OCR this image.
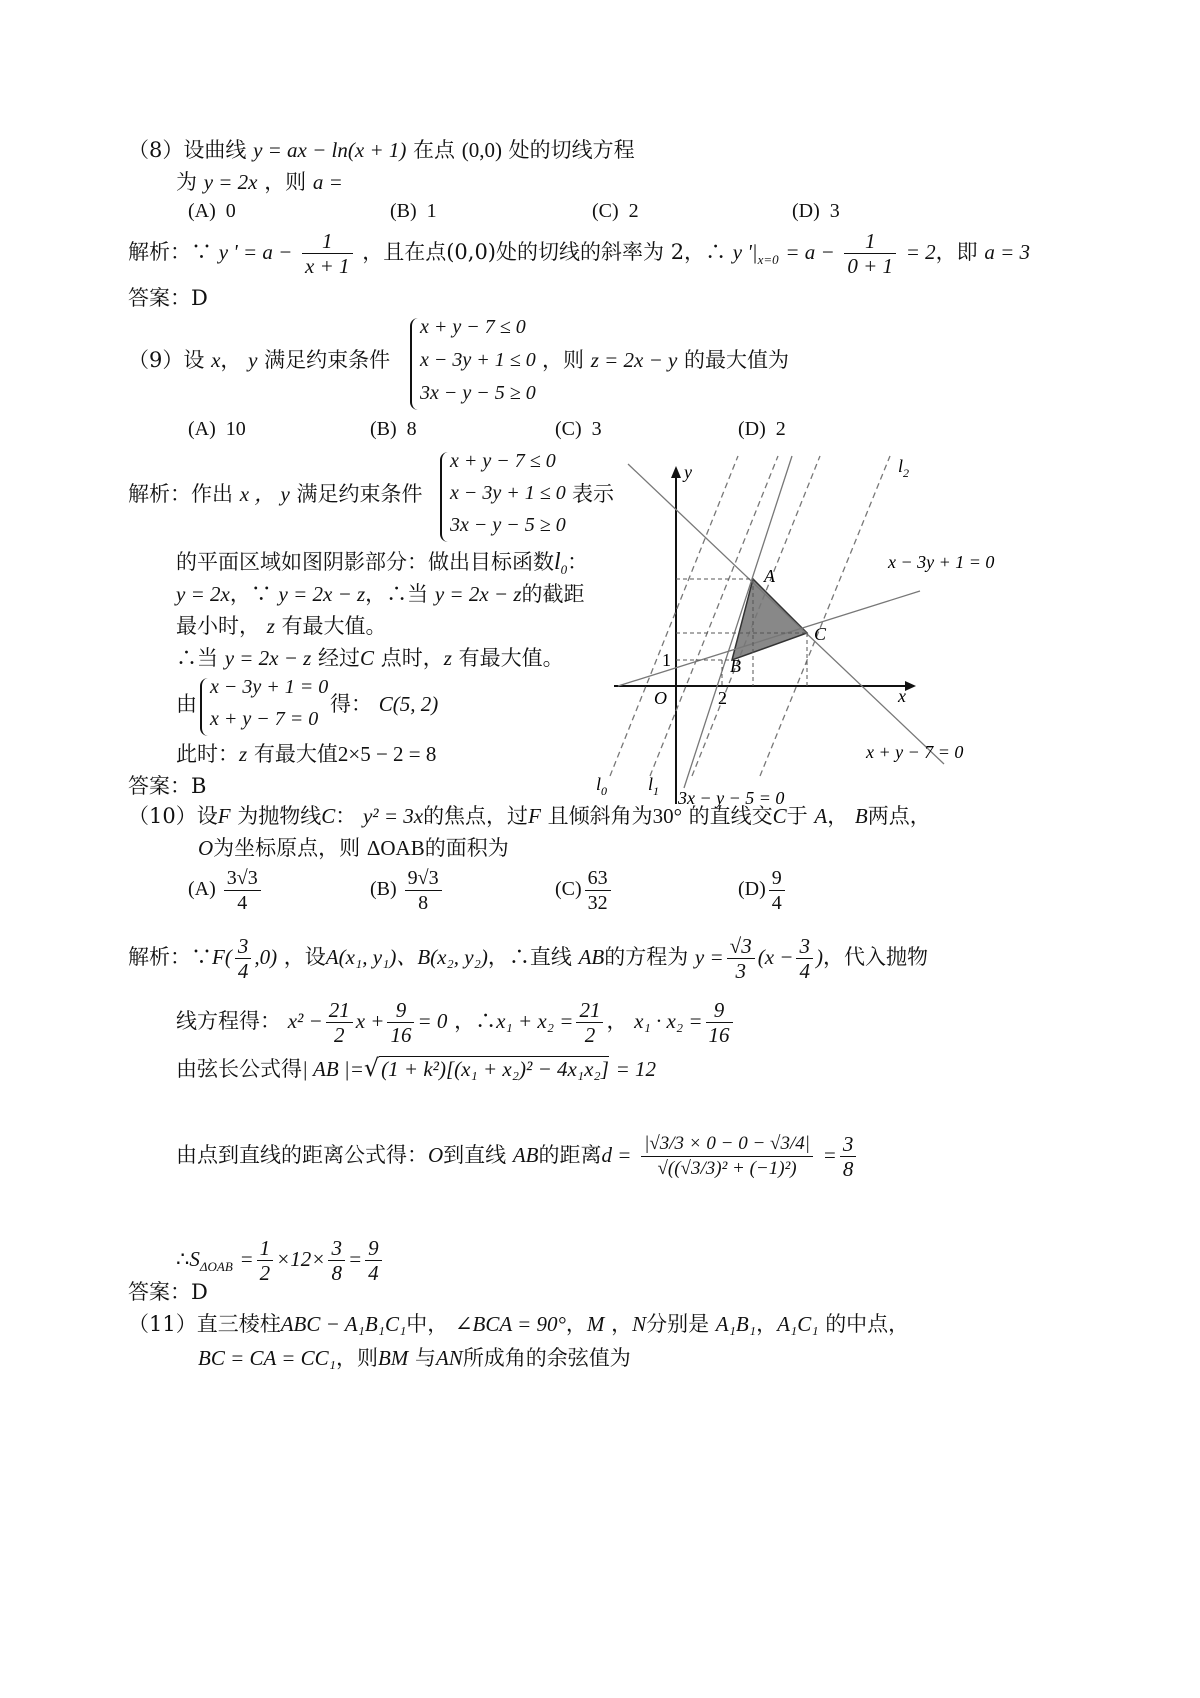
（8）设曲线 y = ax − ln(x + 1) 在点 (0,0) 处的切线方程
为 y = 2x ，则 a =
(A) 0	(B) 1	(C) 2	(D) 3
解析：∵ y ' = $a - \frac{1}{x + 1}$ ，且在点(0,0)处的切线的斜率为 2，∴ y '$|_{x=0} = a - \frac{1}{0 + 1} = 2$，即 a = 3
答案：D
（9）设 x， y 满足约束条件
x + y − 7 ≤ 0
x − 3y + 1 ≤ 0
3x − y − 5 ≥ 0
，则 z = 2x − y 的最大值为
(A) 10	(B) 8	(C) 3	(D) 2
解析：作出 x ， y 满足约束条件
x + y − 7 ≤ 0
x − 3y + 1 ≤ 0
3x − y − 5 ≥ 0
表示
的平面区域如图阴影部分：做出目标函数$l_0$：
y = 2x，∵ y = 2x − z，∴当 y = 2x − z的截距
最小时， z 有最大值。
∴当 y = 2x − z 经过C 点时，z 有最大值。
由
x − 3y + 1 = 0
x + y − 7 = 0
得： C(5, 2)
此时：z 有最大值2×5 − 2 = 8
答案：B
y
x
O
1
2
A
B
C
$l_2$
$l_0$ $l_1$
x − 3y + 1 = 0
x + y − 7 = 0
3x − y − 5 = 0
（10）设F 为抛物线C： y² = 3x的焦点，过F 且倾斜角为30° 的直线交C于 A， B两点，
O为坐标原点，则 ΔOAB的面积为
$(A) \frac{3√3}{4}$	$(B) \frac{9√3}{8}$	$(C) \frac{63}{32}$	$(D) \frac{9}{4}$
解析：∵F( $\frac{3}{4} ,0$) ，设A(x₁, y₁)、B(x₂, y₂)，∴直线 AB的方程为 $y = \frac{√3}{3} (x - \frac{3}{4}$ )，代入抛物
线方程得： $x^2 - \frac{21}{2}$ $x + \frac{9}{16} = 0$ ，∴x₁ + $x_2 = \frac{21}{2}$ ， $x_1 \cdot x_2 = \frac{9}{16}$
由弦长公式得| AB |=√(1 + k²)[(x₁ + x₂)² − 4x₁x₂] = 12
由点到直线的距离公式得：O到直线 AB的距离$d = \frac{|√3/3 \times 0 - 0 - √3/4|}{\text{√((√3/3)² + (−1)²)}} = \frac{3}{8}$
$\therefore S_{\Delta OAB} = \frac{1}{2} \times 12\times \frac{3}{8} = \frac{9}{4}$
答案：D
（11）直三棱柱ABC − A₁B₁C₁中， ∠BCA = 90°，M ，N分别是 A₁B₁，A₁C₁ 的中点，
BC = CA = CC₁，则BM 与AN所成角的余弦值为
